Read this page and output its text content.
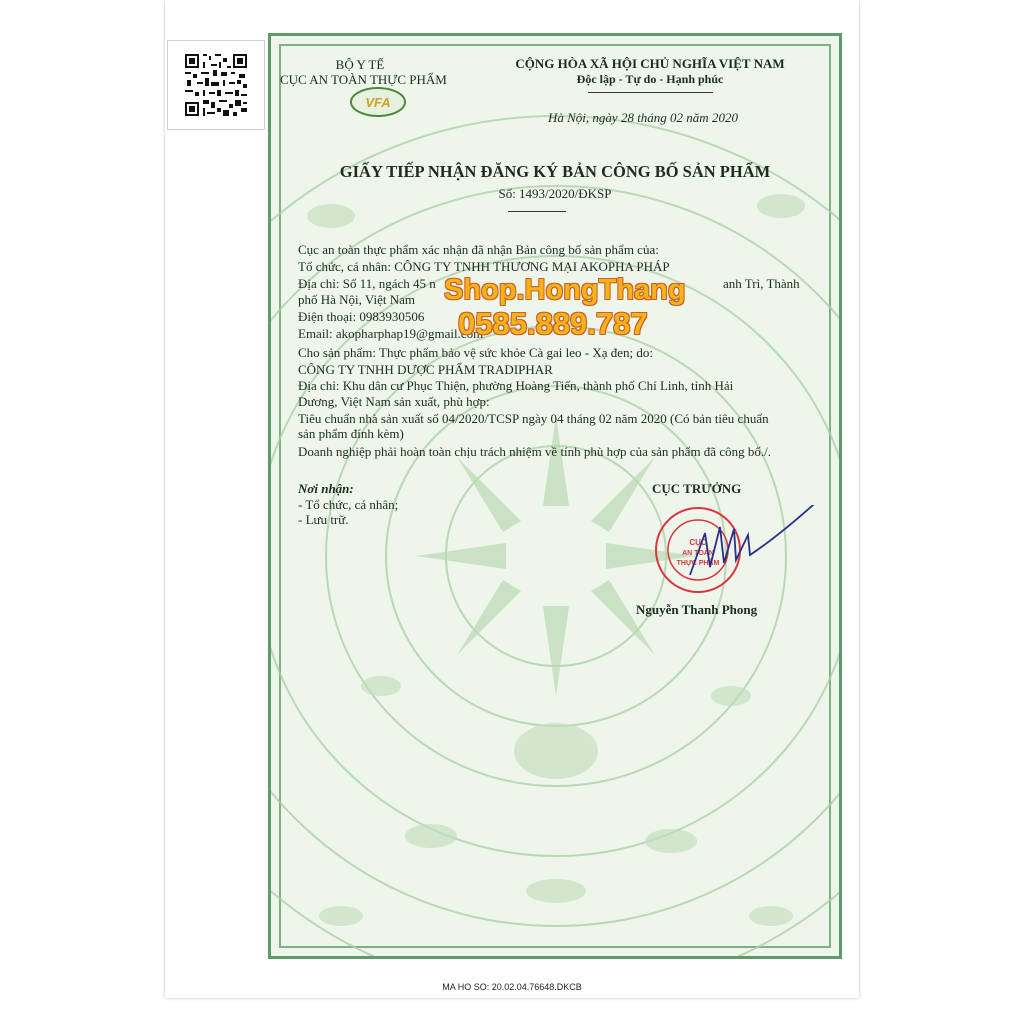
BỘ Y TẾ
CỤC AN TOÀN THỰC PHẨM
VFA
CỘNG HÒA XÃ HỘI CHỦ NGHĨA VIỆT NAM
Độc lập - Tự do - Hạnh phúc
Hà Nội, ngày 28 tháng 02 năm 2020
GIẤY TIẾP NHẬN ĐĂNG KÝ BẢN CÔNG BỐ SẢN PHẨM
Số: 1493/2020/ĐKSP
Cục an toàn thực phẩm xác nhận đã nhận Bản công bố sản phẩm của:
Tổ chức, cá nhân: CÔNG TY TNHH THƯƠNG MẠI AKOPHA PHÁP
Địa chỉ: Số 11, ngách 45 n	anh Trì, Thành
phố Hà Nội, Việt Nam
Điện thoại: 0983930506
Email: akopharphap19@gmail.com
Cho sản phẩm: Thực phẩm bảo vệ sức khỏe Cà gai leo - Xạ đen; do:
CÔNG TY TNHH DƯỢC PHẨM TRADIPHAR
Địa chỉ: Khu dân cư Phục Thiện, phường Hoàng Tiến, thành phố Chí Linh, tỉnh Hải
Dương, Việt Nam sản xuất, phù hợp:
Tiêu chuẩn nhà sản xuất số 04/2020/TCSP ngày 04 tháng 02 năm 2020 (Có bản tiêu chuẩn
sản phẩm đính kèm)
Doanh nghiệp phải hoàn toàn chịu trách nhiệm về tính phù hợp của sản phẩm đã công bố./.
Shop.HongThang
0585.889.787
Nơi nhận:
- Tổ chức, cá nhân;
- Lưu trữ.
CỤC TRƯỞNG
CỤC
AN TOÀN
THỰC PHẨM
Nguyễn Thanh Phong
MA HO SO: 20.02.04.76648.DKCB
